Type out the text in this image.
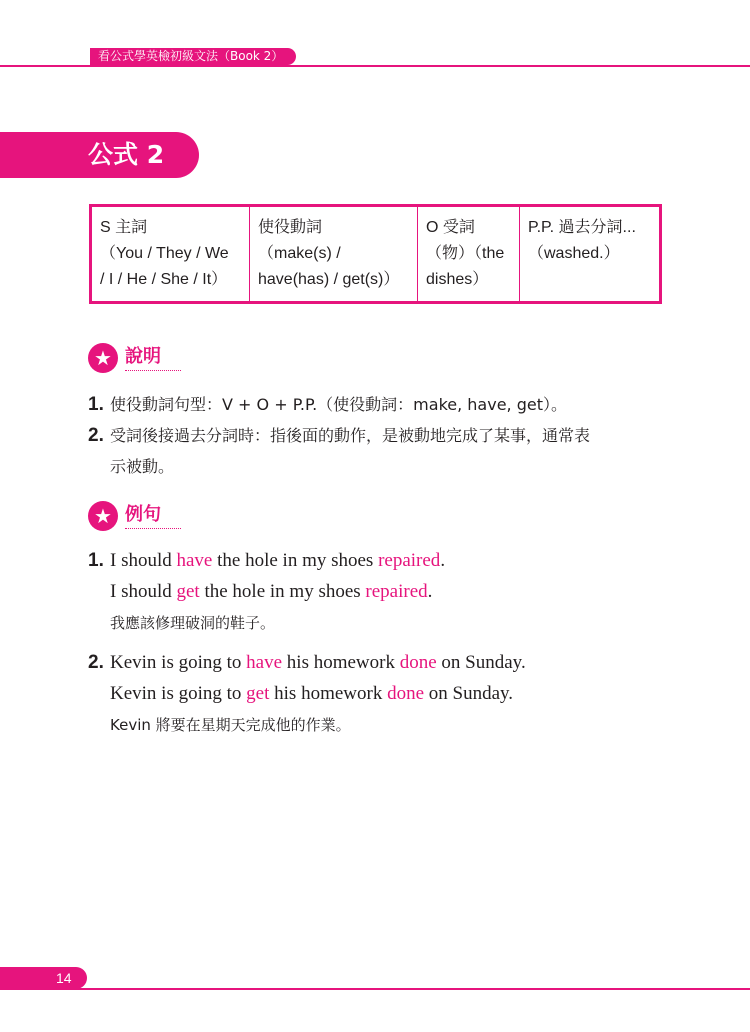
看公式學英檢初級文法（Book 2）
公式 2
S 主詞
（You / They / We
/ I / He / She / It）
使役動詞
（make(s) /
have(has) / get(s)）
O 受詞
（物）（the
dishes）
P.P. 過去分詞...
（washed.）
★ 說明
1. 使役動詞句型：V + O + P.P.（使役動詞：make, have, get）。
2. 受詞後接過去分詞時：指後面的動作，是被動地完成了某事，通常表
示被動。
★ 例句
1. I should have the hole in my shoes repaired.
I should get the hole in my shoes repaired.
我應該修理破洞的鞋子。
2. Kevin is going to have his homework done on Sunday.
Kevin is going to get his homework done on Sunday.
Kevin 將要在星期天完成他的作業。
14
